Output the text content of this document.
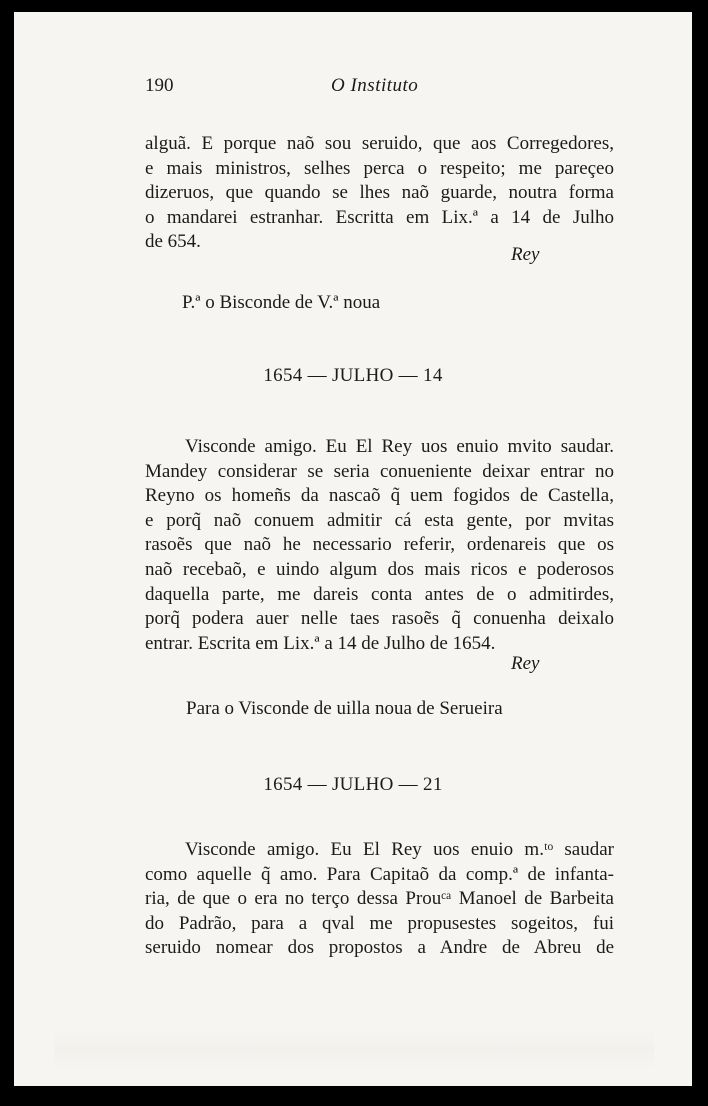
190	O Instituto
alguã. E porque naõ sou seruido, que aos Corregedores,
e mais ministros, selhes perca o respeito; me pareçeo
dizeruos, que quando se lhes naõ guarde, noutra forma
o mandarei estranhar. Escritta em Lix.ª a 14 de Julho
de 654.
Rey
P.ª o Bisconde de V.ª noua
1654 — JULHO — 14
Visconde amigo. Eu El Rey uos enuio mvito saudar.
Mandey considerar se seria conueniente deixar entrar no
Reyno os homeñs da nascaõ q̃ uem fogidos de Castella,
e porq̃ naõ conuem admitir cá esta gente, por mvitas
rasoẽs que naõ he necessario referir, ordenareis que os
naõ recebaõ, e uindo algum dos mais ricos e poderosos
daquella parte, me dareis conta antes de o admitirdes,
porq̃ podera auer nelle taes rasoẽs q̃ conuenha deixalo
entrar. Escrita em Lix.ª a 14 de Julho de 1654.
Rey
Para o Visconde de uilla noua de Serueira
1654 — JULHO — 21
Visconde amigo. Eu El Rey uos enuio m.ᵗᵒ saudar
como aquelle q̃ amo. Para Capitaõ da comp.ª de infanta-
ria, de que o era no terço dessa Prouᶜᵃ Manoel de Barbeita
do Padrão, para a qval me propusestes sogeitos, fui
seruido nomear dos propostos a Andre de Abreu de
